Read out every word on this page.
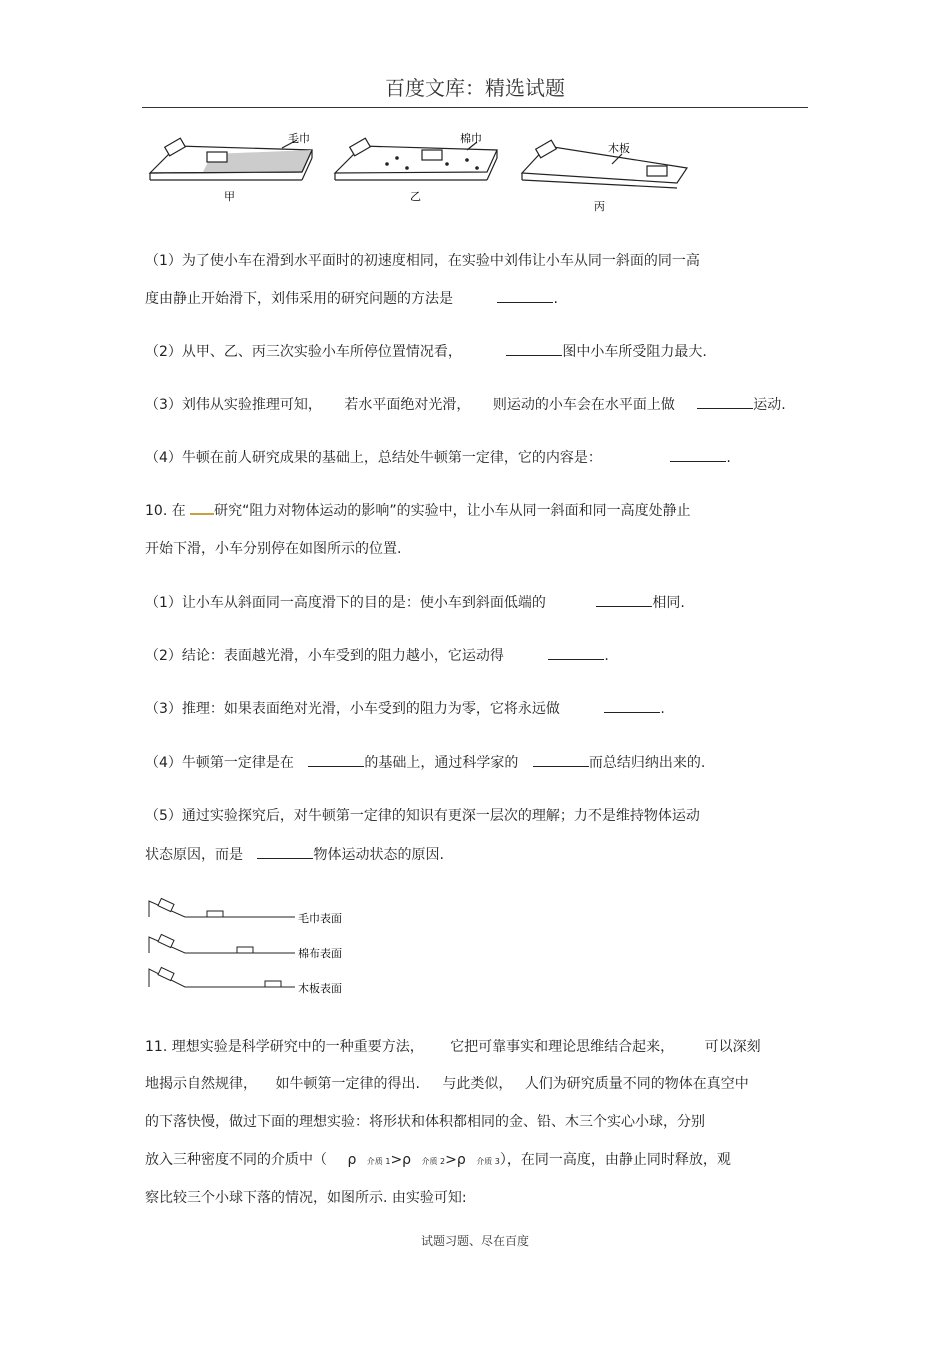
百度文库：精选试题
毛巾
甲
棉巾
乙
木板
丙
（1）为了使小车在滑到水平面时的初速度相同，在实验中刘伟让小车从同一斜面的同一高
度由静止开始滑下，刘伟采用的研究问题的方法是	.
（2）从甲、乙、丙三次实验小车所停位置情况看，	图中小车所受阻力最大.
（3）刘伟从实验推理可知， 若水平面绝对光滑， 则运动的小车会在水平面上做	运动.
（4）牛顿在前人研究成果的基础上，总结处牛顿第一定律，它的内容是：	.
10. 在 研究“阻力对物体运动的影响”的实验中，让小车从同一斜面和同一高度处静止
开始下滑，小车分别停在如图所示的位置.
（1）让小车从斜面同一高度滑下的目的是：使小车到斜面低端的	相同.
（2）结论：表面越光滑，小车受到的阻力越小，它运动得	.
（3）推理：如果表面绝对光滑，小车受到的阻力为零，它将永远做	.
（4）牛顿第一定律是在	的基础上，通过科学家的	而总结归纳出来的.
（5）通过实验探究后，对牛顿第一定律的知识有更深一层次的理解；力不是维持物体运动
状态原因，而是	物体运动状态的原因.
毛巾表面
棉布表面
木板表面
11. 理想实验是科学研究中的一种重要方法， 它把可靠事实和理论思维结合起来， 可以深刻
地揭示自然规律， 如牛顿第一定律的得出. 与此类似， 人们为研究质量不同的物体在真空中
的下落快慢，做过下面的理想实验：将形状和体积都相同的金、铅、木三个实心小球，分别
放入三种密度不同的介质中（ ρ 介质 1>ρ 介质 2>ρ 介质 3），在同一高度，由静止同时释放，观
察比较三个小球下落的情况，如图所示. 由实验可知:
试题习题、尽在百度
